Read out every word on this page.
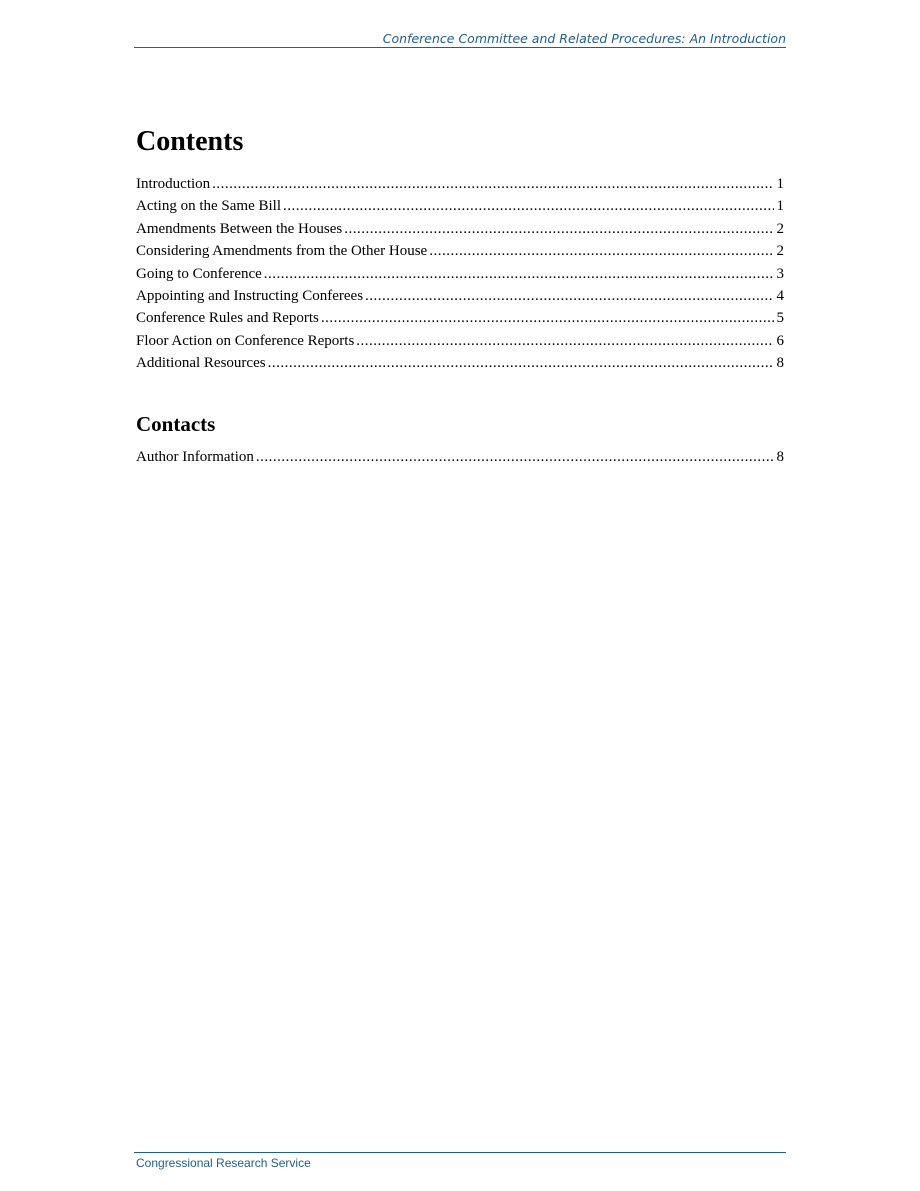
Conference Committee and Related Procedures: An Introduction
Contents
Introduction .....	1
Acting on the Same Bill .....	1
Amendments Between the Houses .....	2
Considering Amendments from the Other House .....	2
Going to Conference .....	3
Appointing and Instructing Conferees .....	4
Conference Rules and Reports .....	5
Floor Action on Conference Reports .....	6
Additional Resources .....	8
Contacts
Author Information .....	8
Congressional Research Service
